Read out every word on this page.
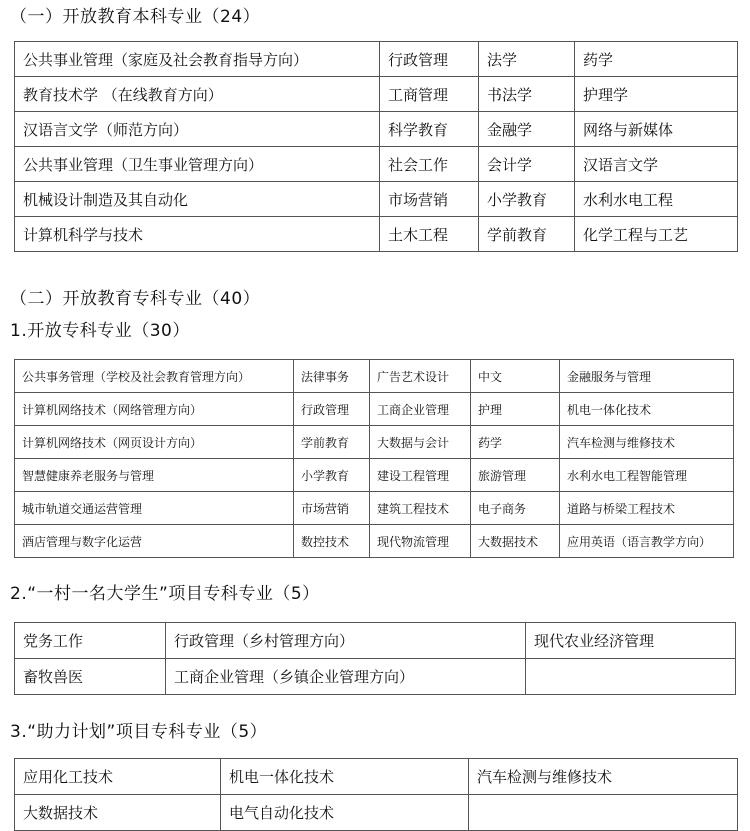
（一）开放教育本科专业（24）
公共事业管理（家庭及社会教育指导方向）	行政管理	法学	药学
教育技术学 （在线教育方向）	工商管理	书法学	护理学
汉语言文学（师范方向）	科学教育	金融学	网络与新媒体
公共事业管理（卫生事业管理方向）	社会工作	会计学	汉语言文学
机械设计制造及其自动化	市场营销	小学教育	水利水电工程
计算机科学与技术	土木工程	学前教育	化学工程与工艺
（二）开放教育专科专业（40）
1.开放专科专业（30）
公共事务管理（学校及社会教育管理方向）	法律事务	广告艺术设计	中文	金融服务与管理
计算机网络技术（网络管理方向）	行政管理	工商企业管理	护理	机电一体化技术
计算机网络技术（网页设计方向）	学前教育	大数据与会计	药学	汽车检测与维修技术
智慧健康养老服务与管理	小学教育	建设工程管理	旅游管理	水利水电工程智能管理
城市轨道交通运营管理	市场营销	建筑工程技术	电子商务	道路与桥梁工程技术
酒店管理与数字化运营	数控技术	现代物流管理	大数据技术	应用英语（语言教学方向）
2.“一村一名大学生”项目专科专业（5）
党务工作	行政管理（乡村管理方向）	现代农业经济管理
畜牧兽医	工商企业管理（乡镇企业管理方向）	
3.“助力计划”项目专科专业（5）
应用化工技术	机电一体化技术	汽车检测与维修技术
大数据技术	电气自动化技术	
